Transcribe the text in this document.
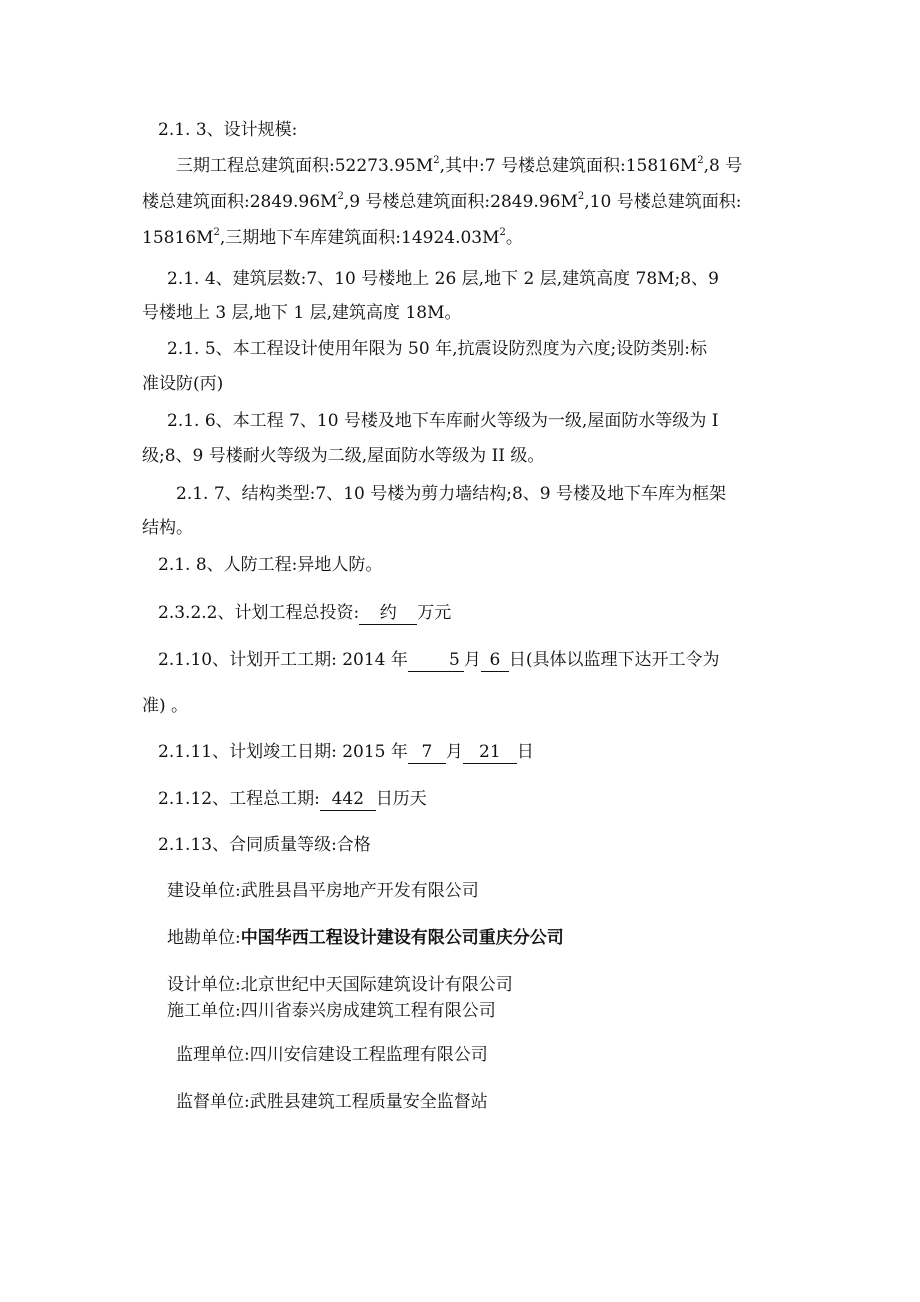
2.1. 3、设计规模:
三期工程总建筑面积$:52273.95M^2$,其中:7 号楼总建筑面积$:15816M^2,8$ 号
楼总建筑面积$:2849.96M^2,9$ 号楼总建筑面积$:2849.96M^2,10$ 号楼总建筑面积:
$15816M^2$,三期地下车库建筑面积$:14924.03M^2$。
2.1. 4、建筑层数:7、10 号楼地上 26 层,地下 2 层,建筑高度 78M;8、9
号楼地上 3 层,地下 1 层,建筑高度 18M。
2.1. 5、本工程设计使用年限为 50 年,抗震设防烈度为六度;设防类别:标
准设防(丙)
2.1. 6、本工程 7、10 号楼及地下车库耐火等级为一级,屋面防水等级为 I
级;8、9 号楼耐火等级为二级,屋面防水等级为 II 级。
2.1. 7、结构类型:7、10 号楼为剪力墙结构;8、9 号楼及地下车库为框架
结构。
2.1. 8、人防工程:异地人防。
2.3.2.2、计划工程总投资: 约 万元
2.1.10、计划开工工期: 2014 年 5 月 6 日(具体以监理下达开工令为
准) 。
2.1.11、计划竣工日期: 2015 年 7 月 21 日
2.1.12、工程总工期: 442 日历天
2.1.13、合同质量等级:合格
建设单位:武胜县昌平房地产开发有限公司
地勘单位:中国华西工程设计建设有限公司重庆分公司
设计单位:北京世纪中天国际建筑设计有限公司
施工单位:四川省泰兴房成建筑工程有限公司
监理单位:四川安信建设工程监理有限公司
监督单位:武胜县建筑工程质量安全监督站
